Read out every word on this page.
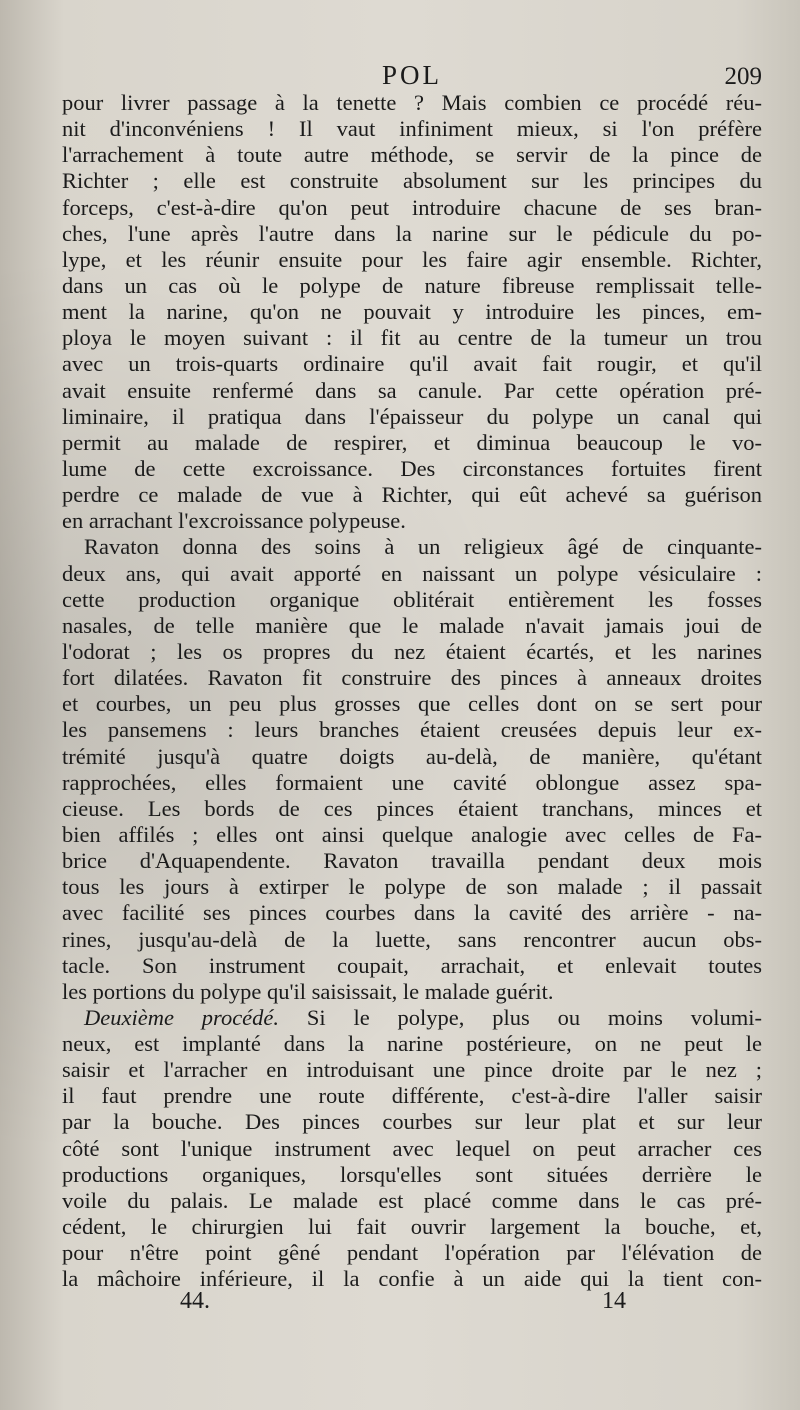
POL	209
pour livrer passage à la tenette ? Mais combien ce procédé réu-
nit d'inconvéniens ! Il vaut infiniment mieux, si l'on préfère
l'arrachement à toute autre méthode, se servir de la pince de
Richter ; elle est construite absolument sur les principes du
forceps, c'est-à-dire qu'on peut introduire chacune de ses bran-
ches, l'une après l'autre dans la narine sur le pédicule du po-
lype, et les réunir ensuite pour les faire agir ensemble. Richter,
dans un cas où le polype de nature fibreuse remplissait telle-
ment la narine, qu'on ne pouvait y introduire les pinces, em-
ploya le moyen suivant : il fit au centre de la tumeur un trou
avec un trois-quarts ordinaire qu'il avait fait rougir, et qu'il
avait ensuite renfermé dans sa canule. Par cette opération pré-
liminaire, il pratiqua dans l'épaisseur du polype un canal qui
permit au malade de respirer, et diminua beaucoup le vo-
lume de cette excroissance. Des circonstances fortuites firent
perdre ce malade de vue à Richter, qui eût achevé sa guérison
en arrachant l'excroissance polypeuse.
Ravaton donna des soins à un religieux âgé de cinquante-
deux ans, qui avait apporté en naissant un polype vésiculaire :
cette production organique oblitérait entièrement les fosses
nasales, de telle manière que le malade n'avait jamais joui de
l'odorat ; les os propres du nez étaient écartés, et les narines
fort dilatées. Ravaton fit construire des pinces à anneaux droites
et courbes, un peu plus grosses que celles dont on se sert pour
les pansemens : leurs branches étaient creusées depuis leur ex-
trémité jusqu'à quatre doigts au-delà, de manière, qu'étant
rapprochées, elles formaient une cavité oblongue assez spa-
cieuse. Les bords de ces pinces étaient tranchans, minces et
bien affilés ; elles ont ainsi quelque analogie avec celles de Fa-
brice d'Aquapendente. Ravaton travailla pendant deux mois
tous les jours à extirper le polype de son malade ; il passait
avec facilité ses pinces courbes dans la cavité des arrière - na-
rines, jusqu'au-delà de la luette, sans rencontrer aucun obs-
tacle. Son instrument coupait, arrachait, et enlevait toutes
les portions du polype qu'il saisissait, le malade guérit.
Deuxième procédé. Si le polype, plus ou moins volumi-
neux, est implanté dans la narine postérieure, on ne peut le
saisir et l'arracher en introduisant une pince droite par le nez ;
il faut prendre une route différente, c'est-à-dire l'aller saisir
par la bouche. Des pinces courbes sur leur plat et sur leur
côté sont l'unique instrument avec lequel on peut arracher ces
productions organiques, lorsqu'elles sont situées derrière le
voile du palais. Le malade est placé comme dans le cas pré-
cédent, le chirurgien lui fait ouvrir largement la bouche, et,
pour n'être point gêné pendant l'opération par l'élévation de
la mâchoire inférieure, il la confie à un aide qui la tient con-
44.	14
